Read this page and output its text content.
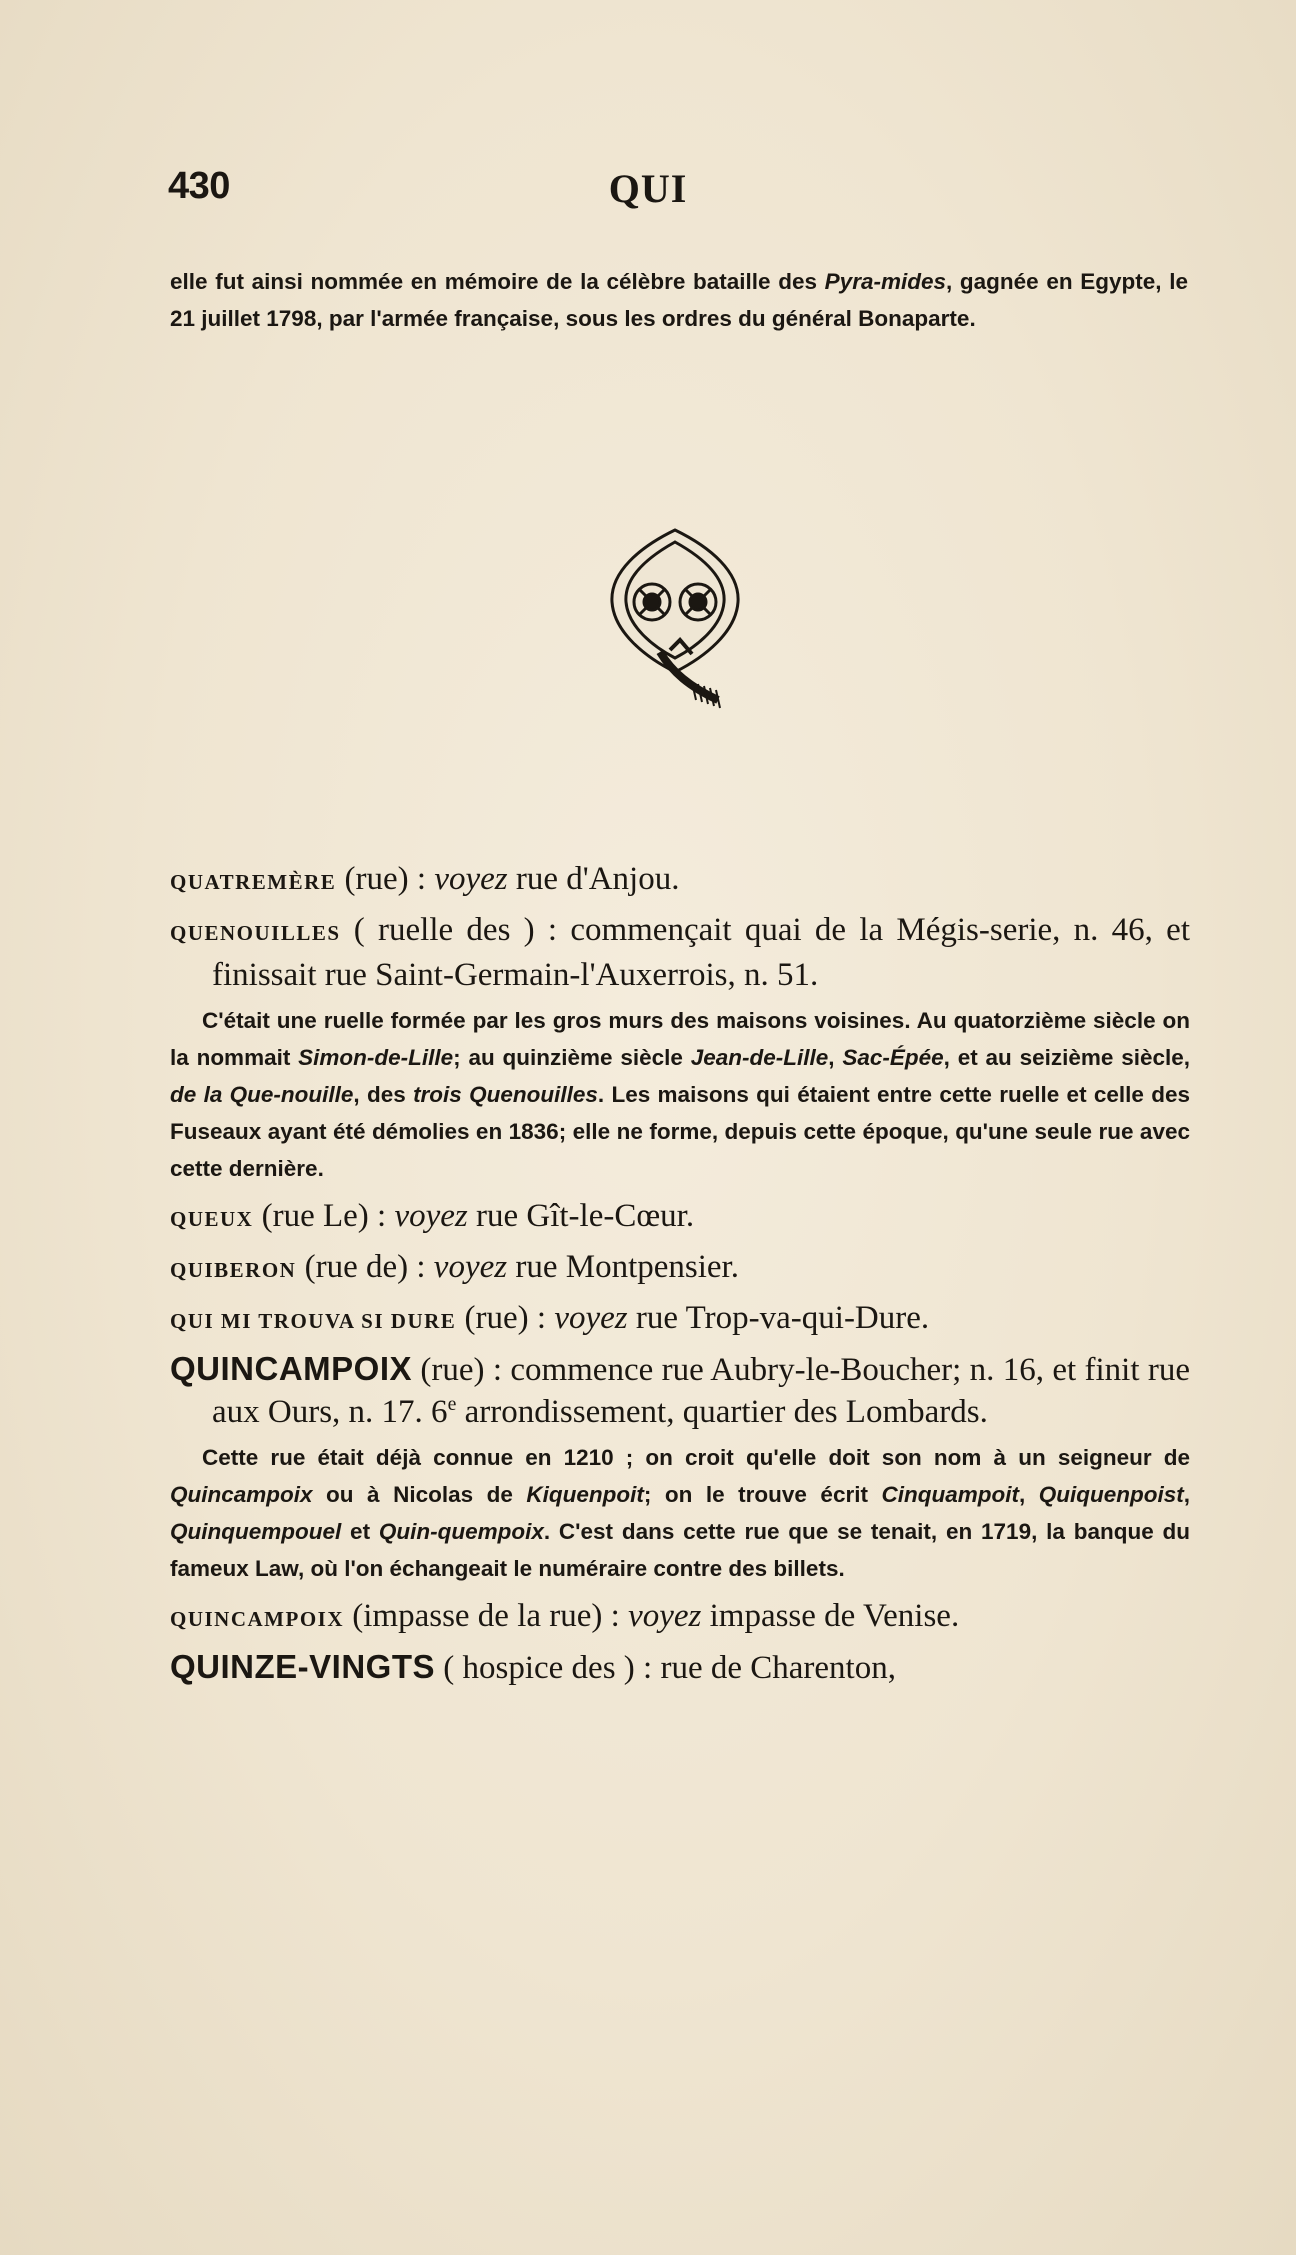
430	QUI

elle fut ainsi nommée en mémoire de la célèbre bataille des Pyra-mides, gagnée en Egypte, le 21 juillet 1798, par l'armée française, sous les ordres du général Bonaparte.

QUATREMÈRE (rue) : voyez rue d'Anjou.

QUENOUILLES ( ruelle des ) : commençait quai de la Mégis-serie, n. 46, et finissait rue Saint-Germain-l'Auxerrois, n. 51.

C'était une ruelle formée par les gros murs des maisons voisines. Au quatorzième siècle on la nommait Simon-de-Lille; au quinzième siècle Jean-de-Lille, Sac-Épée, et au seizième siècle, de la Que-nouille, des trois Quenouilles. Les maisons qui étaient entre cette ruelle et celle des Fuseaux ayant été démolies en 1836; elle ne forme, depuis cette époque, qu'une seule rue avec cette dernière.

QUEUX (rue Le) : voyez rue Gît-le-Cœur.

QUIBERON (rue de) : voyez rue Montpensier.

QUI MI TROUVA SI DURE (rue) : voyez rue Trop-va-qui-Dure.

QUINCAMPOIX (rue) : commence rue Aubry-le-Boucher; n. 16, et finit rue aux Ours, n. 17. 6e arrondissement, quartier des Lombards.

Cette rue était déjà connue en 1210 ; on croit qu'elle doit son nom à un seigneur de Quincampoix ou à Nicolas de Kiquenpoit; on le trouve écrit Cinquampoit, Quiquenpoist, Quinquempouel et Quin-quempoix. C'est dans cette rue que se tenait, en 1719, la banque du fameux Law, où l'on échangeait le numéraire contre des billets.

QUINCAMPOIX (impasse de la rue) : voyez impasse de Venise.

QUINZE-VINGTS ( hospice des ) : rue de Charenton,
